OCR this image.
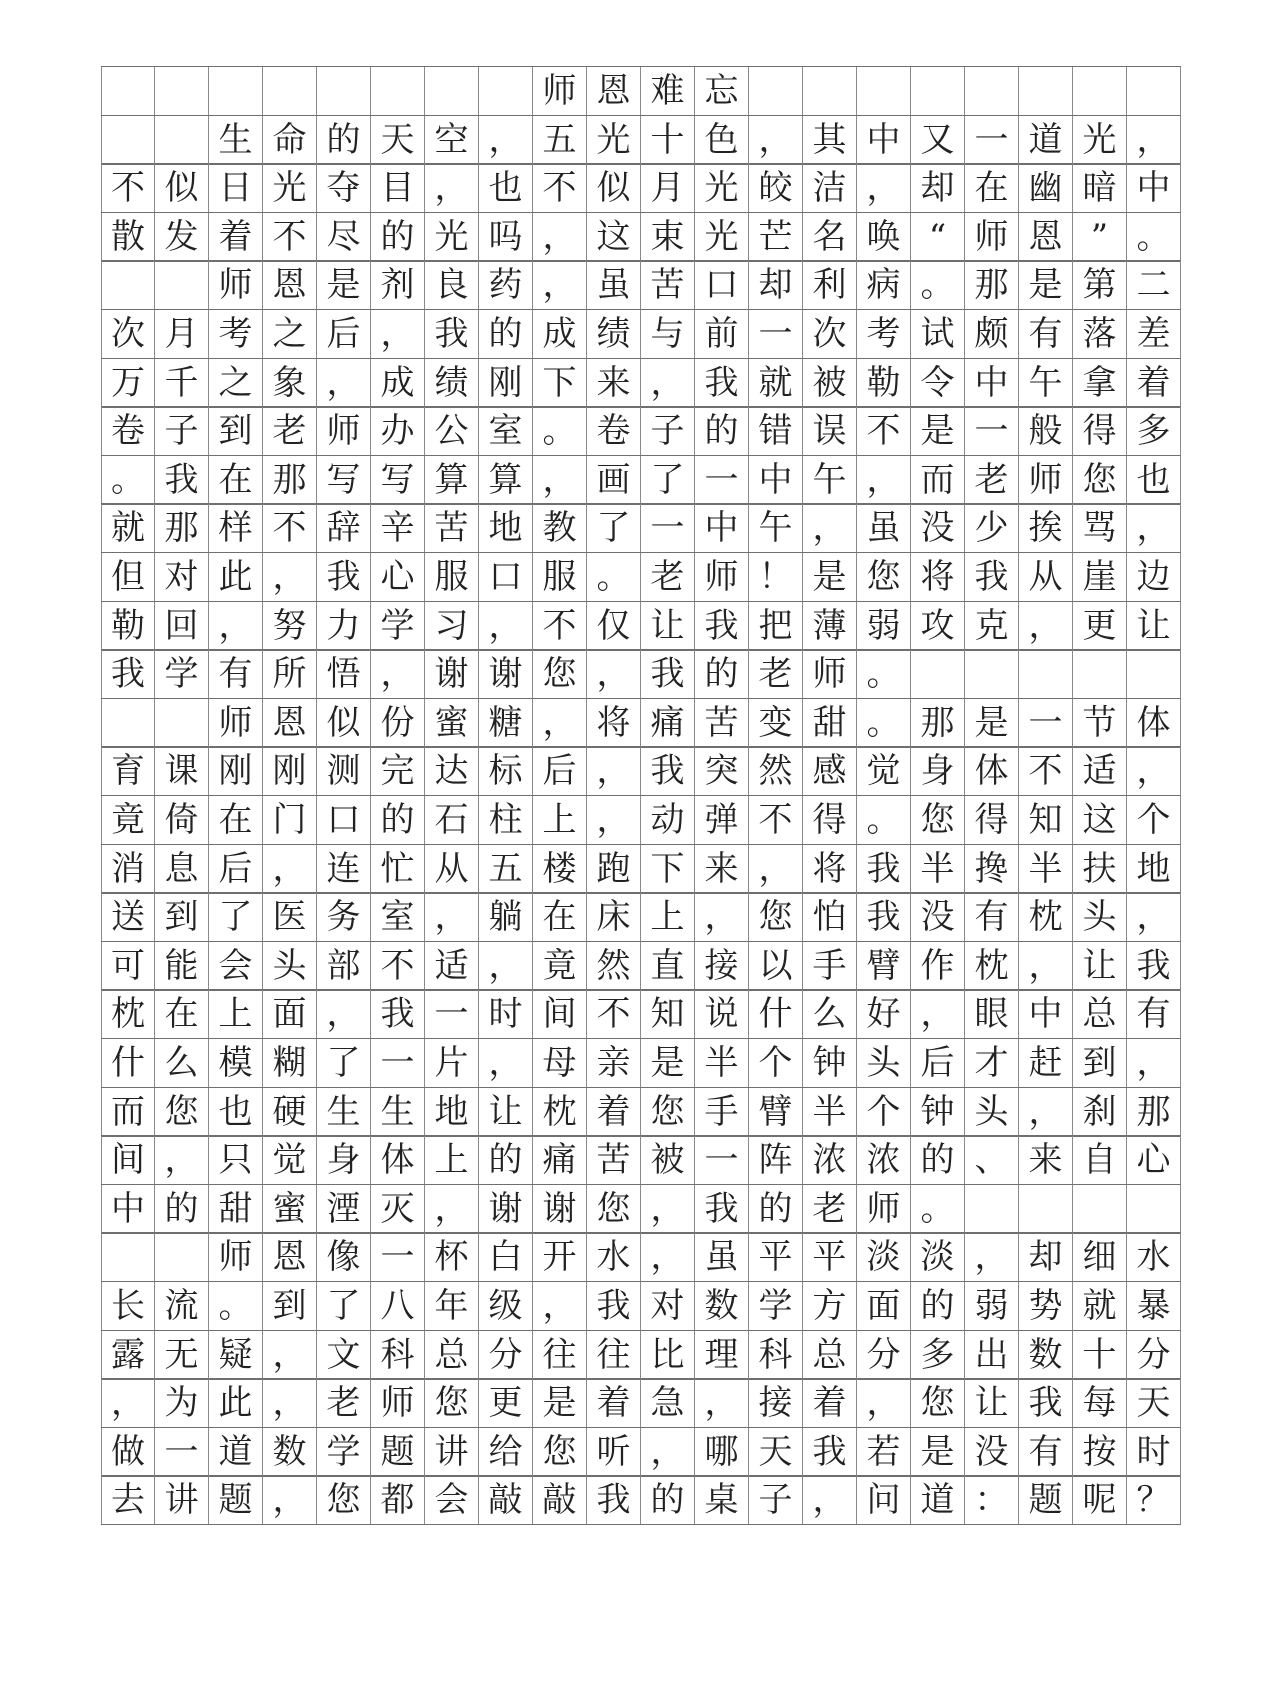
师 恩 难 忘
生 命 的 天 空 ， 五 光 十 色 ， 其 中 又 一 道 光 ，
不 似 日 光 夺 目 ， 也 不 似 月 光 皎 洁 ， 却 在 幽 暗 中
散 发 着 不 尽 的 光 吗 ， 这 束 光 芒 名 唤 “ 师 恩 ” 。
师 恩 是 剂 良 药 ， 虽 苦 口 却 利 病 。 那 是 第 二
次 月 考 之 后 ， 我 的 成 绩 与 前 一 次 考 试 颇 有 落 差
万 千 之 象 ， 成 绩 刚 下 来 ， 我 就 被 勒 令 中 午 拿 着
卷 子 到 老 师 办 公 室 。 卷 子 的 错 误 不 是 一 般 得 多
。 我 在 那 写 写 算 算 ， 画 了 一 中 午 ， 而 老 师 您 也
就 那 样 不 辞 辛 苦 地 教 了 一 中 午 ， 虽 没 少 挨 骂 ，
但 对 此 ， 我 心 服 口 服 。 老 师 ！ 是 您 将 我 从 崖 边
勒 回 ， 努 力 学 习 ， 不 仅 让 我 把 薄 弱 攻 克 ， 更 让
我 学 有 所 悟 ， 谢 谢 您 ， 我 的 老 师 。
师 恩 似 份 蜜 糖 ， 将 痛 苦 变 甜 。 那 是 一 节 体
育 课 刚 刚 测 完 达 标 后 ， 我 突 然 感 觉 身 体 不 适 ，
竟 倚 在 门 口 的 石 柱 上 ， 动 弹 不 得 。 您 得 知 这 个
消 息 后 ， 连 忙 从 五 楼 跑 下 来 ， 将 我 半 搀 半 扶 地
送 到 了 医 务 室 ， 躺 在 床 上 ， 您 怕 我 没 有 枕 头 ，
可 能 会 头 部 不 适 ， 竟 然 直 接 以 手 臂 作 枕 ， 让 我
枕 在 上 面 ， 我 一 时 间 不 知 说 什 么 好 ， 眼 中 总 有
什 么 模 糊 了 一 片 ， 母 亲 是 半 个 钟 头 后 才 赶 到 ，
而 您 也 硬 生 生 地 让 枕 着 您 手 臂 半 个 钟 头 ， 刹 那
间 ， 只 觉 身 体 上 的 痛 苦 被 一 阵 浓 浓 的 、 来 自 心
中 的 甜 蜜 湮 灭 ， 谢 谢 您 ， 我 的 老 师 。
师 恩 像 一 杯 白 开 水 ， 虽 平 平 淡 淡 ， 却 细 水
长 流 。 到 了 八 年 级 ， 我 对 数 学 方 面 的 弱 势 就 暴
露 无 疑 ， 文 科 总 分 往 往 比 理 科 总 分 多 出 数 十 分
， 为 此 ， 老 师 您 更 是 着 急 ， 接 着 ， 您 让 我 每 天
做 一 道 数 学 题 讲 给 您 听 ， 哪 天 我 若 是 没 有 按 时
去 讲 题 ， 您 都 会 敲 敲 我 的 桌 子 ， 问 道 ： 题 呢 ？
